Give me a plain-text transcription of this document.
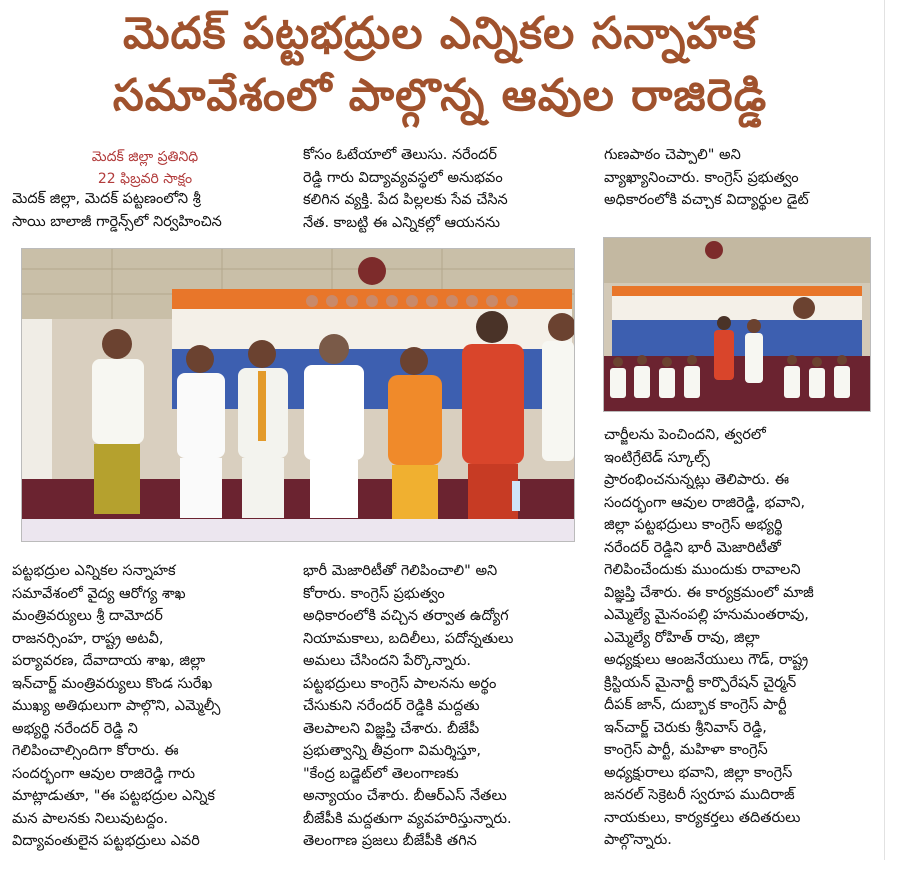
మెదక్ పట్టభద్రుల ఎన్నికల సన్నాహక
సమావేశంలో పాల్గొన్న ఆవుల రాజిరెడ్డి
మెదక్ జిల్లా ప్రతినిధి
22 ఫిబ్రవరి సాక్షం
మెదక్ జిల్లా, మెదక్ పట్టణంలోని శ్రీ
సాయి బాలాజీ గార్డెన్స్‌లో నిర్వహించిన
కోసం ఓటేయాలో తెలుసు. నరేందర్
రెడ్డి గారు విద్యావ్యవస్థలో అనుభవం
కలిగిన వ్యక్తి. పేద పిల్లలకు సేవ చేసిన
నేత. కాబట్టి ఈ ఎన్నికల్లో ఆయనను
గుణపాఠం చెప్పాలి" అని
వ్యాఖ్యానించారు. కాంగ్రెస్ ప్రభుత్వం
అధికారంలోకి వచ్చాక విద్యార్థుల డైట్
చార్జీలను పెంచిందని, త్వరలో
ఇంటిగ్రేటెడ్ స్కూల్స్
ప్రారంభించనున్నట్లు తెలిపారు. ఈ
సందర్భంగా ఆవుల రాజిరెడ్డి, భవాని,
జిల్లా పట్టభద్రులు కాంగ్రెస్ అభ్యర్థి
నరేందర్ రెడ్డిని భారీ మెజారిటీతో
గెలిపించేందుకు ముందుకు రావాలని
విజ్ఞప్తి చేశారు. ఈ కార్యక్రమంలో మాజీ
ఎమ్మెల్యే మైనంపల్లి హనుమంతరావు,
ఎమ్మెల్యే రోహిత్ రావు, జిల్లా
అధ్యక్షులు ఆంజనేయులు గౌడ్, రాష్ట్ర
క్రిస్టియన్ మైనార్టీ కార్పొరేషన్ చైర్మన్
దీపక్ జాన్, దుబ్బాక కాంగ్రెస్ పార్టీ
ఇన్‌చార్జ్ చెరుకు శ్రీనివాస్ రెడ్డి,
కాంగ్రెస్ పార్టీ, మహిళా కాంగ్రెస్
అధ్యక్షురాలు భవాని, జిల్లా కాంగ్రెస్
జనరల్ సెక్రెటరీ స్వరూప ముదిరాజ్
నాయకులు, కార్యకర్తలు తదితరులు
పాల్గొన్నారు.
పట్టభద్రుల ఎన్నికల సన్నాహక
సమావేశంలో వైద్య ఆరోగ్య శాఖ
మంత్రివర్యులు శ్రీ దామోదర్
రాజనర్సింహ, రాష్ట్ర అటవీ,
పర్యావరణ, దేవాదాయ శాఖ, జిల్లా
ఇన్‌చార్జ్ మంత్రివర్యులు కొండ సురేఖ
ముఖ్య అతిథులుగా పాల్గొని, ఎమ్మెల్సీ
అభ్యర్థి నరేందర్ రెడ్డి ని
గెలిపించాల్సిందిగా కోరారు. ఈ
సందర్భంగా ఆవుల రాజిరెడ్డి గారు
మాట్లాడుతూ, "ఈ పట్టభద్రుల ఎన్నిక
మన పాలనకు నిలువుటద్దం.
విద్యావంతులైన పట్టభద్రులు ఎవరి
భారీ మెజారిటీతో గెలిపించాలి" అని
కోరారు. కాంగ్రెస్ ప్రభుత్వం
అధికారంలోకి వచ్చిన తర్వాత ఉద్యోగ
నియామకాలు, బదిలీలు, పదోన్నతులు
అమలు చేసిందని పేర్కొన్నారు.
పట్టభద్రులు కాంగ్రెస్ పాలనను అర్థం
చేసుకుని నరేందర్ రెడ్డికి మద్దతు
తెలపాలని విజ్ఞప్తి చేశారు. బీజేపీ
ప్రభుత్వాన్ని తీవ్రంగా విమర్శిస్తూ,
"కేంద్ర బడ్జెట్‌లో తెలంగాణకు
అన్యాయం చేశారు. బీఆర్ఎస్ నేతలు
బీజేపీకి మద్దతుగా వ్యవహరిస్తున్నారు.
తెలంగాణ ప్రజలు బీజేపీకి తగిన
